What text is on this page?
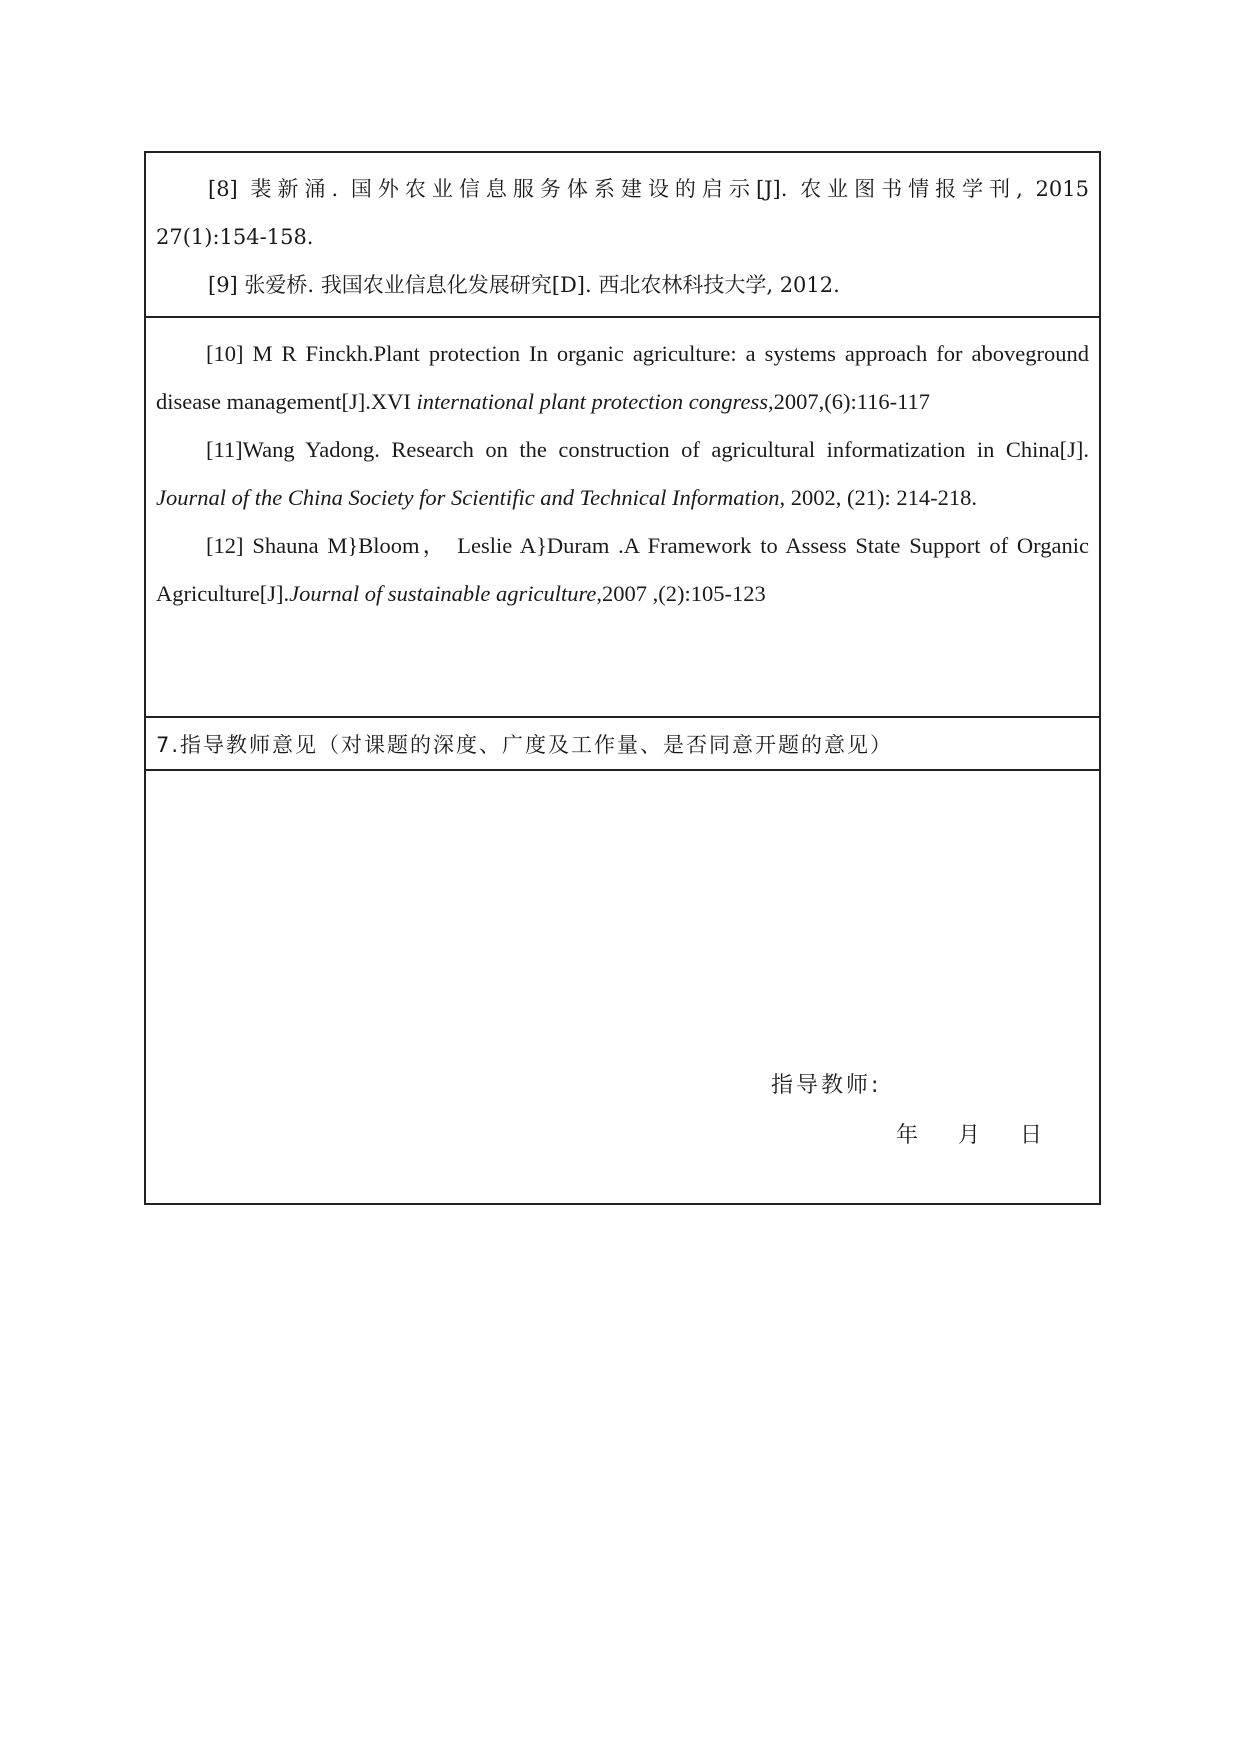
[8] 裴新涌. 国外农业信息服务体系建设的启示[J]. 农业图书情报学刊, 2015

27(1):154-158.

[9] 张爱桥. 我国农业信息化发展研究[D]. 西北农林科技大学, 2012.

[10] M R Finckh.Plant protection In organic agriculture: a systems approach for aboveground disease management[J].XVI international plant protection congress,2007,(6):116-117

[11]Wang Yadong. Research on the construction of agricultural informatization in China[J]. Journal of the China Society for Scientific and Technical Information, 2002, (21): 214-218.

[12] Shauna M}Bloom， Leslie A}Duram .A Framework to Assess State Support of Organic Agriculture[J].Journal of sustainable agriculture,2007 ,(2):105-123

7.指导教师意见（对课题的深度、广度及工作量、是否同意开题的意见）
指导教师:
年 月 日
